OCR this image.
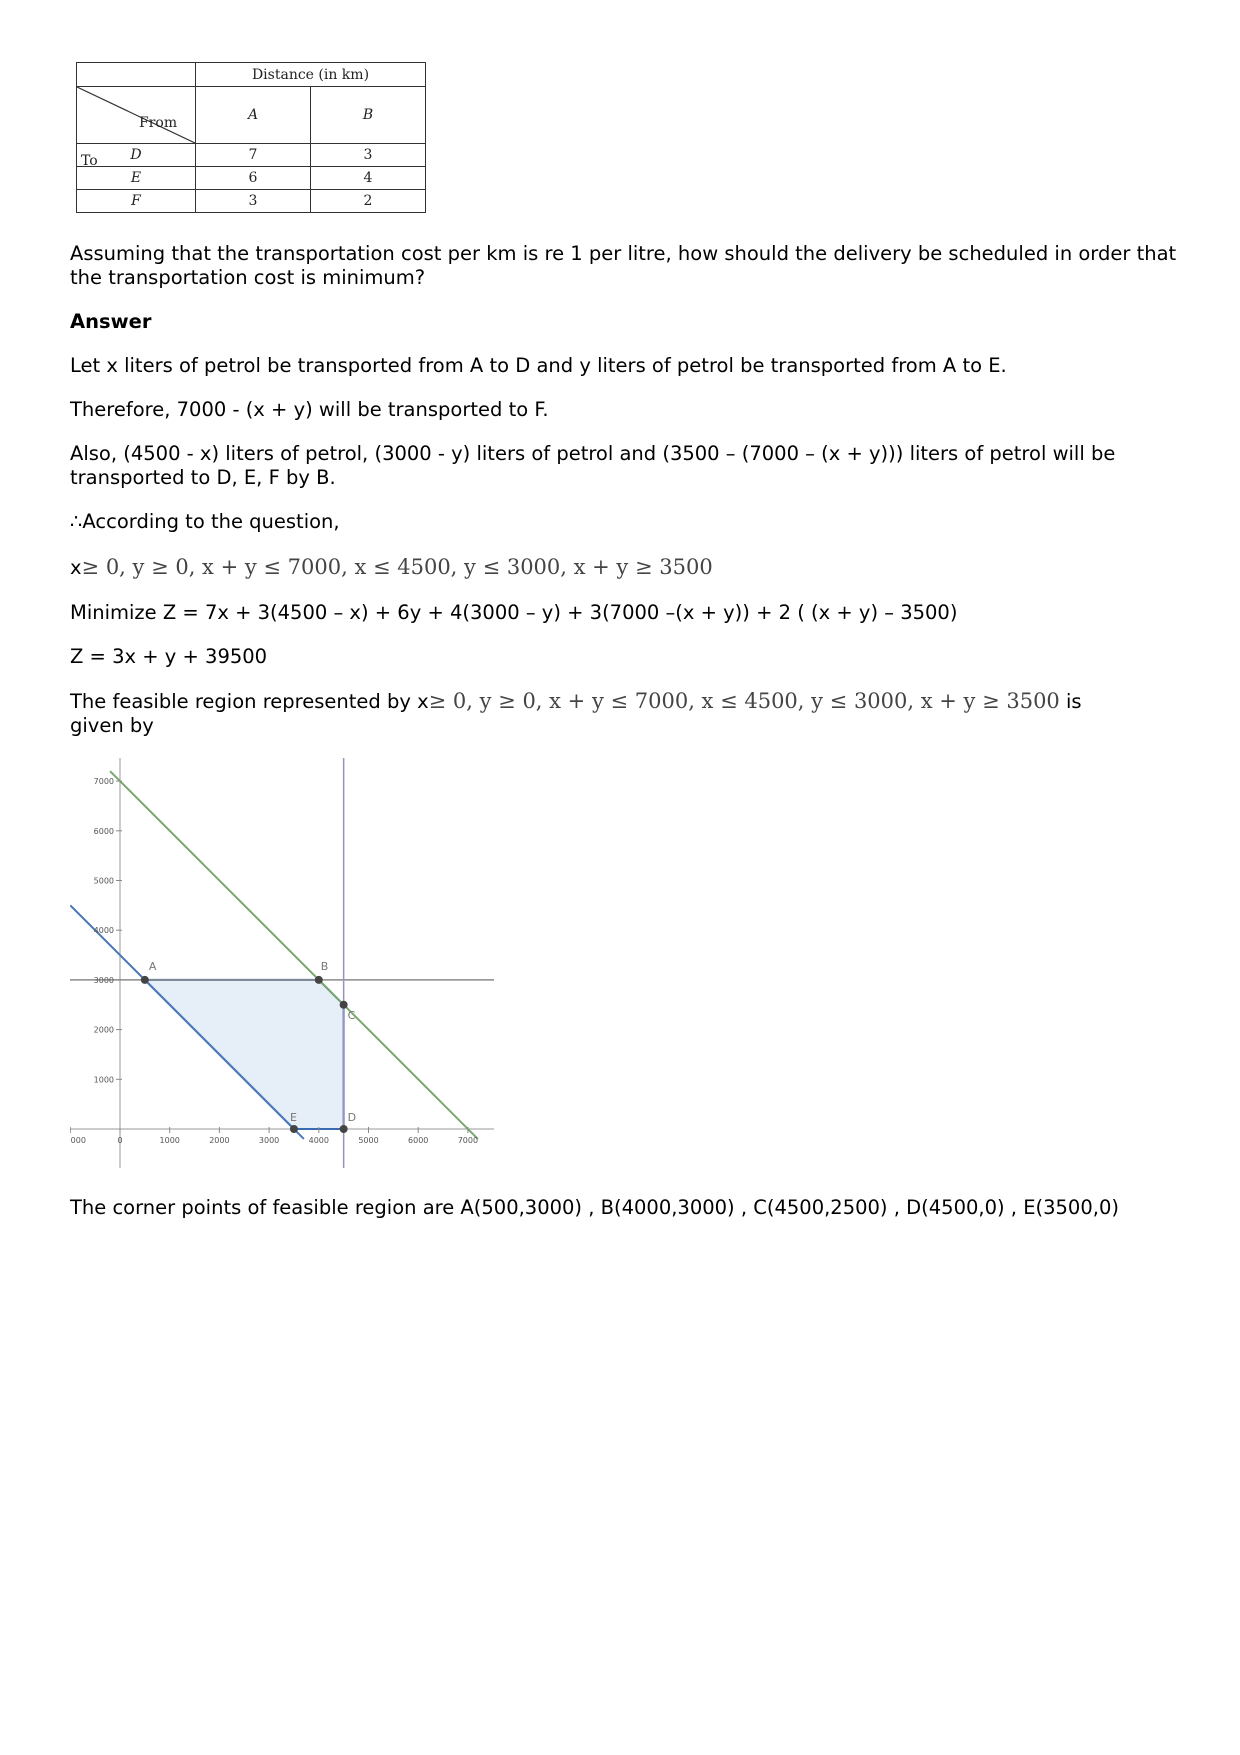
	Distance (in km)	

From
To	A	B
D	7	3
E	6	4
F	3	2

Assuming that the transportation cost per km is re 1 per litre, how should the delivery be scheduled in order that the transportation cost is minimum?

Answer

Let x liters of petrol be transported from A to D and y liters of petrol be transported from A to E.

Therefore, 7000 - (x + y) will be transported to F.

Also, (4500 - x) liters of petrol, (3000 - y) liters of petrol and (3500 – (7000 – (x + y))) liters of petrol will be transported to D, E, F by B.

∴According to the question,

x≥ 0, y ≥ 0, x + y ≤ 7000, x ≤ 4500, y ≤ 3000, x + y ≥ 3500

Minimize Z = 7x + 3(4500 – x) + 6y + 4(3000 – y) + 3(7000 –(x + y)) + 2 ( (x + y) – 3500)

Z = 3x + y + 39500

The feasible region represented by x≥ 0, y ≥ 0, x + y ≤ 7000, x ≤ 4500, y ≤ 3000, x + y ≥ 3500 is
given by

1000
2000
3000
4000
5000
6000
7000
000	0	1000	2000	3000	4000	5000	6000	7000
A	B
C
D
E

The corner points of feasible region are A(500,3000) , B(4000,3000) , C(4500,2500) , D(4500,0) , E(3500,0)
